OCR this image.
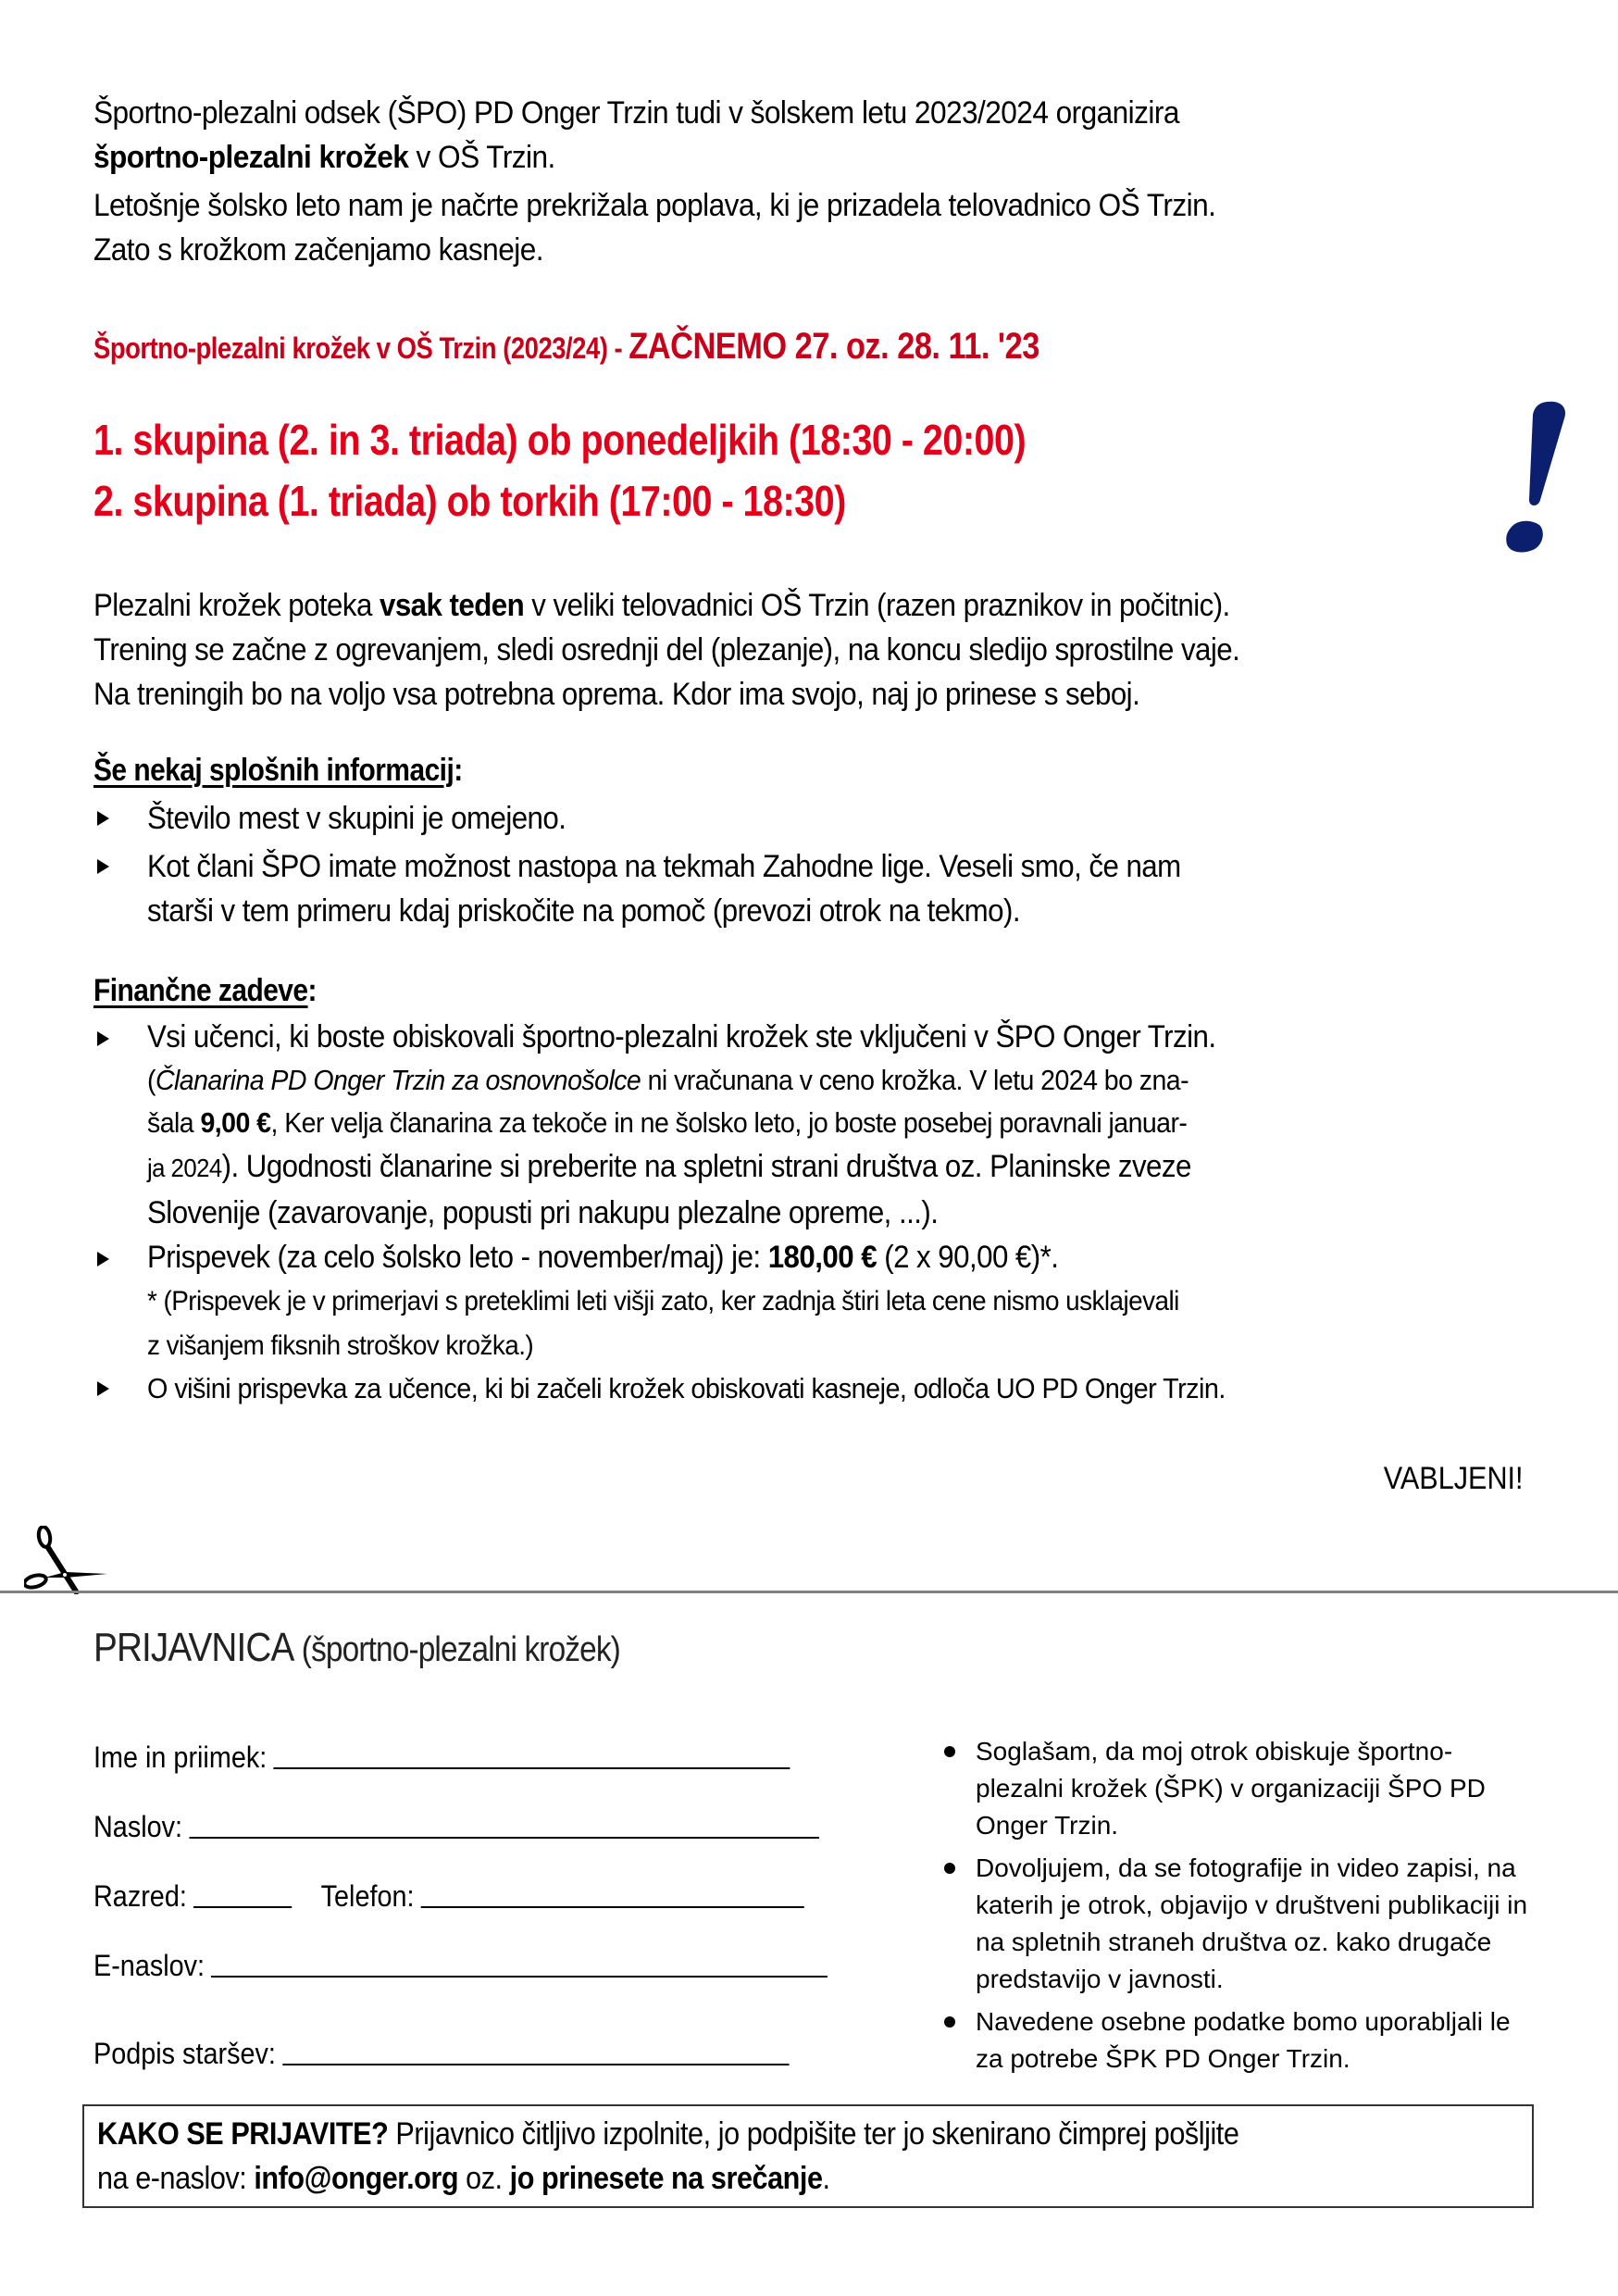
Športno-plezalni odsek (ŠPO) PD Onger Trzin tudi v šolskem letu 2023/2024 organizira
športno-plezalni krožek v OŠ Trzin.
Letošnje šolsko leto nam je načrte prekrižala poplava, ki je prizadela telovadnico OŠ Trzin.
Zato s krožkom začenjamo kasneje.
Športno-plezalni krožek v OŠ Trzin (2023/24) - ZAČNEMO 27. oz. 28. 11. '23
1. skupina (2. in 3. triada) ob ponedeljkih (18:30 - 20:00)
2. skupina (1. triada) ob torkih (17:00 - 18:30)
Plezalni krožek poteka vsak teden v veliki telovadnici OŠ Trzin (razen praznikov in počitnic).
Trening se začne z ogrevanjem, sledi osrednji del (plezanje), na koncu sledijo sprostilne vaje.
Na treningih bo na voljo vsa potrebna oprema. Kdor ima svojo, naj jo prinese s seboj.
Še nekaj splošnih informacij:
Število mest v skupini je omejeno.
Kot člani ŠPO imate možnost nastopa na tekmah Zahodne lige. Veseli smo, če nam
starši v tem primeru kdaj priskočite na pomoč (prevozi otrok na tekmo).
Finančne zadeve:
Vsi učenci, ki boste obiskovali športno-plezalni krožek ste vključeni v ŠPO Onger Trzin.
(Članarina PD Onger Trzin za osnovnošolce ni vračunana v ceno krožka. V letu 2024 bo zna-
šala 9,00 €, Ker velja članarina za tekoče in ne šolsko leto, jo boste posebej poravnali januar-
ja 2024). Ugodnosti članarine si preberite na spletni strani društva oz. Planinske zveze
Slovenije (zavarovanje, popusti pri nakupu plezalne opreme, ...).
Prispevek (za celo šolsko leto - november/maj) je: 180,00 € (2 x 90,00 €)*.
* (Prispevek je v primerjavi s preteklimi leti višji zato, ker zadnja štiri leta cene nismo usklajevali
z višanjem fiksnih stroškov krožka.)
O višini prispevka za učence, ki bi začeli krožek obiskovati kasneje, odloča UO PD Onger Trzin.
VABLJENI!
PRIJAVNICA (športno-plezalni krožek)
Ime in priimek:
Naslov:
Razred:	Telefon:
E-naslov:
Podpis staršev:
Soglašam, da moj otrok obiskuje športno-plezalni krožek (ŠPK) v organizaciji ŠPO PD Onger Trzin.
Dovoljujem, da se fotografije in video zapisi, na katerih je otrok, objavijo v društveni publikaciji in na spletnih straneh društva oz. kako drugače predstavijo v javnosti.
Navedene osebne podatke bomo uporabljali le za potrebe ŠPK PD Onger Trzin.
KAKO SE PRIJAVITE? Prijavnico čitljivo izpolnite, jo podpišite ter jo skenirano čimprej pošljite
na e-naslov: info@onger.org oz. jo prinesete na srečanje.
